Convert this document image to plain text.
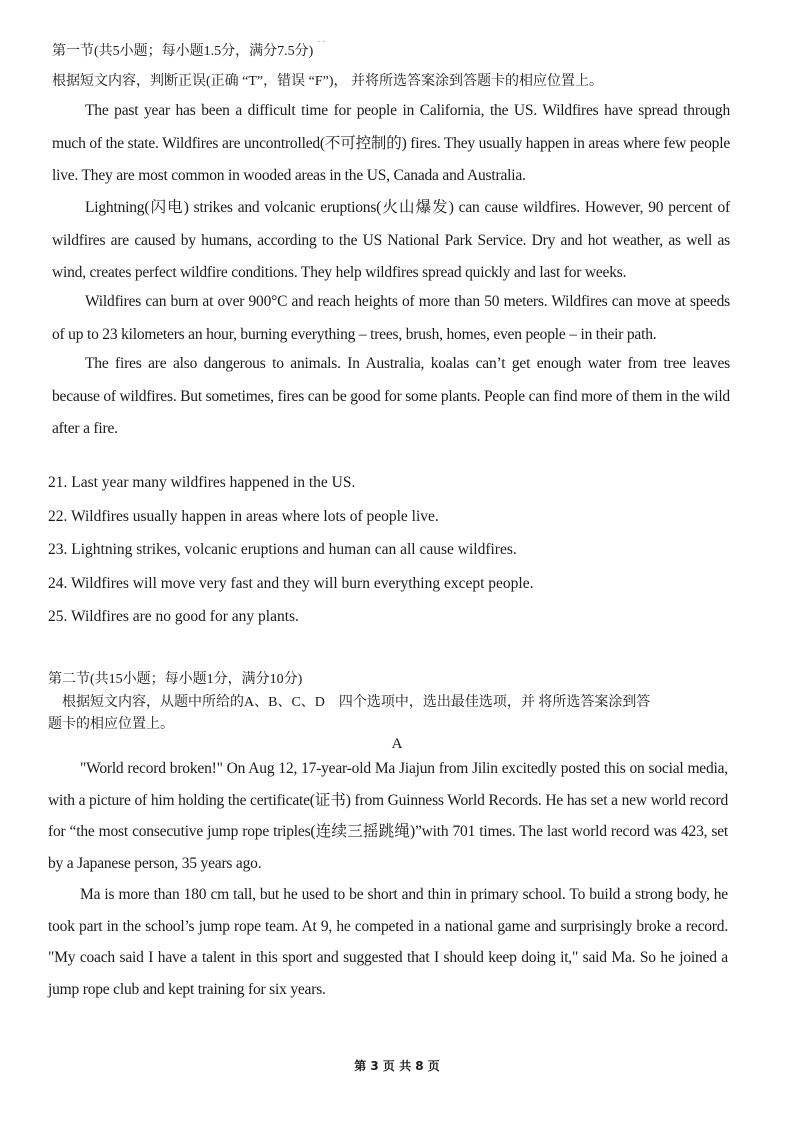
. .
第一节(共5小题；每小题1.5分，满分7.5分)
根据短文内容，判断正误(正确 “T”，错误 “F”)， 并将所选答案涂到答题卡的相应位置上。

The past year has been a difficult time for people in California, the US. Wildfires have spread through much of the state. Wildfires are uncontrolled(不可控制的) fires. They usually happen in areas where few people live. They are most common in wooded areas in the US, Canada and Australia.

Lightning(闪电) strikes and volcanic eruptions(火山爆发) can cause wildfires. However, 90 percent of wildfires are caused by humans, according to the US National Park Service. Dry and hot weather, as well as wind, creates perfect wildfire conditions. They help wildfires spread quickly and last for weeks.

Wildfires can burn at over 900°C and reach heights of more than 50 meters. Wildfires can move at speeds of up to 23 kilometers an hour, burning everything – trees, brush, homes, even people – in their path.

The fires are also dangerous to animals. In Australia, koalas can’t get enough water from tree leaves because of wildfires. But sometimes, fires can be good for some plants. People can find more of them in the wild after a fire.

21. Last year many wildfires happened in the US.
22. Wildfires usually happen in areas where lots of people live.
23. Lightning strikes, volcanic eruptions and human can all cause wildfires.
24. Wildfires will move very fast and they will burn everything except people.
25. Wildfires are no good for any plants.
第二节(共15小题；每小题1分，满分10分)
根据短文内容，从题中所给的A、B、C、D　四个选项中，选出最佳选项，并 将所选答案涂到答
题卡的相应位置上。
A

"World record broken!" On Aug 12, 17-year-old Ma Jiajun from Jilin excitedly posted this on social media, with a picture of him holding the certificate(证书) from Guinness World Records. He has set a new world record for “the most consecutive jump rope triples(连续三摇跳绳)”with 701 times. The last world record was 423, set by a Japanese person, 35 years ago.

Ma is more than 180 cm tall, but he used to be short and thin in primary school. To build a strong body, he took part in the school’s jump rope team. At 9, he competed in a national game and surprisingly broke a record. "My coach said I have a talent in this sport and suggested that I should keep doing it," said Ma. So he joined a jump rope club and kept training for six years.

第 3 页 共 8 页
